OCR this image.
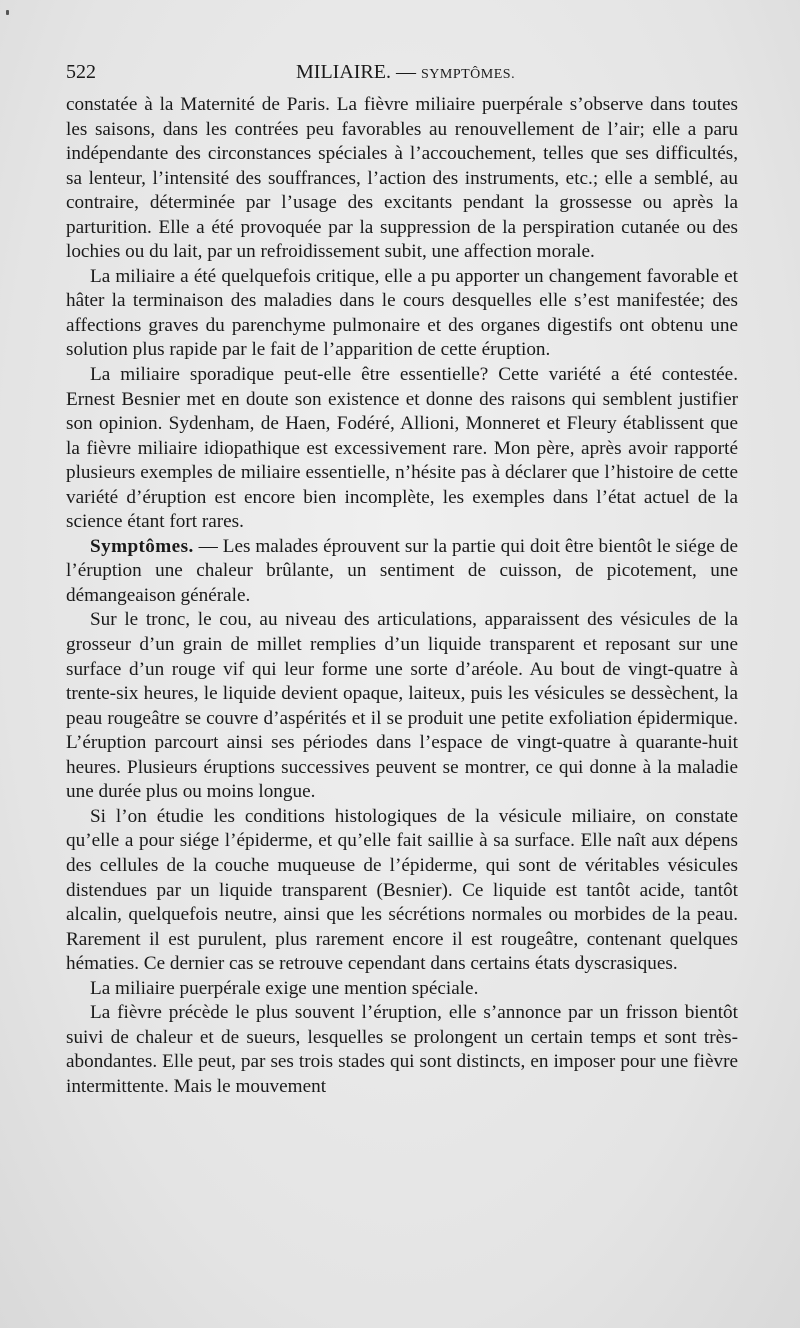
522	MILIAIRE. — SYMPTÔMES.

constatée à la Maternité de Paris. La fièvre miliaire puerpérale s’observe dans toutes les saisons, dans les contrées peu favorables au renouvellement de l’air; elle a paru indépendante des circonstances spéciales à l’accouchement, telles que ses difficultés, sa lenteur, l’intensité des souffrances, l’action des instruments, etc.; elle a semblé, au contraire, déterminée par l’usage des excitants pendant la grossesse ou après la parturition. Elle a été provoquée par la suppression de la perspiration cutanée ou des lochies ou du lait, par un refroidissement subit, une affection morale.

La miliaire a été quelquefois critique, elle a pu apporter un changement favorable et hâter la terminaison des maladies dans le cours desquelles elle s’est manifestée; des affections graves du parenchyme pulmonaire et des organes digestifs ont obtenu une solution plus rapide par le fait de l’apparition de cette éruption.

La miliaire sporadique peut-elle être essentielle? Cette variété a été contestée. Ernest Besnier met en doute son existence et donne des raisons qui semblent justifier son opinion. Sydenham, de Haen, Fodéré, Allioni, Monneret et Fleury établissent que la fièvre miliaire idiopathique est excessivement rare. Mon père, après avoir rapporté plusieurs exemples de miliaire essentielle, n’hésite pas à déclarer que l’histoire de cette variété d’éruption est encore bien incomplète, les exemples dans l’état actuel de la science étant fort rares.

Symptômes. — Les malades éprouvent sur la partie qui doit être bientôt le siége de l’éruption une chaleur brûlante, un sentiment de cuisson, de picotement, une démangeaison générale.

Sur le tronc, le cou, au niveau des articulations, apparaissent des vésicules de la grosseur d’un grain de millet remplies d’un liquide transparent et reposant sur une surface d’un rouge vif qui leur forme une sorte d’aréole. Au bout de vingt-quatre à trente-six heures, le liquide devient opaque, laiteux, puis les vésicules se dessèchent, la peau rougeâtre se couvre d’aspérités et il se produit une petite exfoliation épidermique. L’éruption parcourt ainsi ses périodes dans l’espace de vingt-quatre à quarante-huit heures. Plusieurs éruptions successives peuvent se montrer, ce qui donne à la maladie une durée plus ou moins longue.

Si l’on étudie les conditions histologiques de la vésicule miliaire, on constate qu’elle a pour siége l’épiderme, et qu’elle fait saillie à sa surface. Elle naît aux dépens des cellules de la couche muqueuse de l’épiderme, qui sont de véritables vésicules distendues par un liquide transparent (Besnier). Ce liquide est tantôt acide, tantôt alcalin, quelquefois neutre, ainsi que les sécrétions normales ou morbides de la peau. Rarement il est purulent, plus rarement encore il est rougeâtre, contenant quelques hématies. Ce dernier cas se retrouve cependant dans certains états dyscrasiques.

La miliaire puerpérale exige une mention spéciale.

La fièvre précède le plus souvent l’éruption, elle s’annonce par un frisson bientôt suivi de chaleur et de sueurs, lesquelles se prolongent un certain temps et sont très-abondantes. Elle peut, par ses trois stades qui sont distincts, en imposer pour une fièvre intermittente. Mais le mouvement
